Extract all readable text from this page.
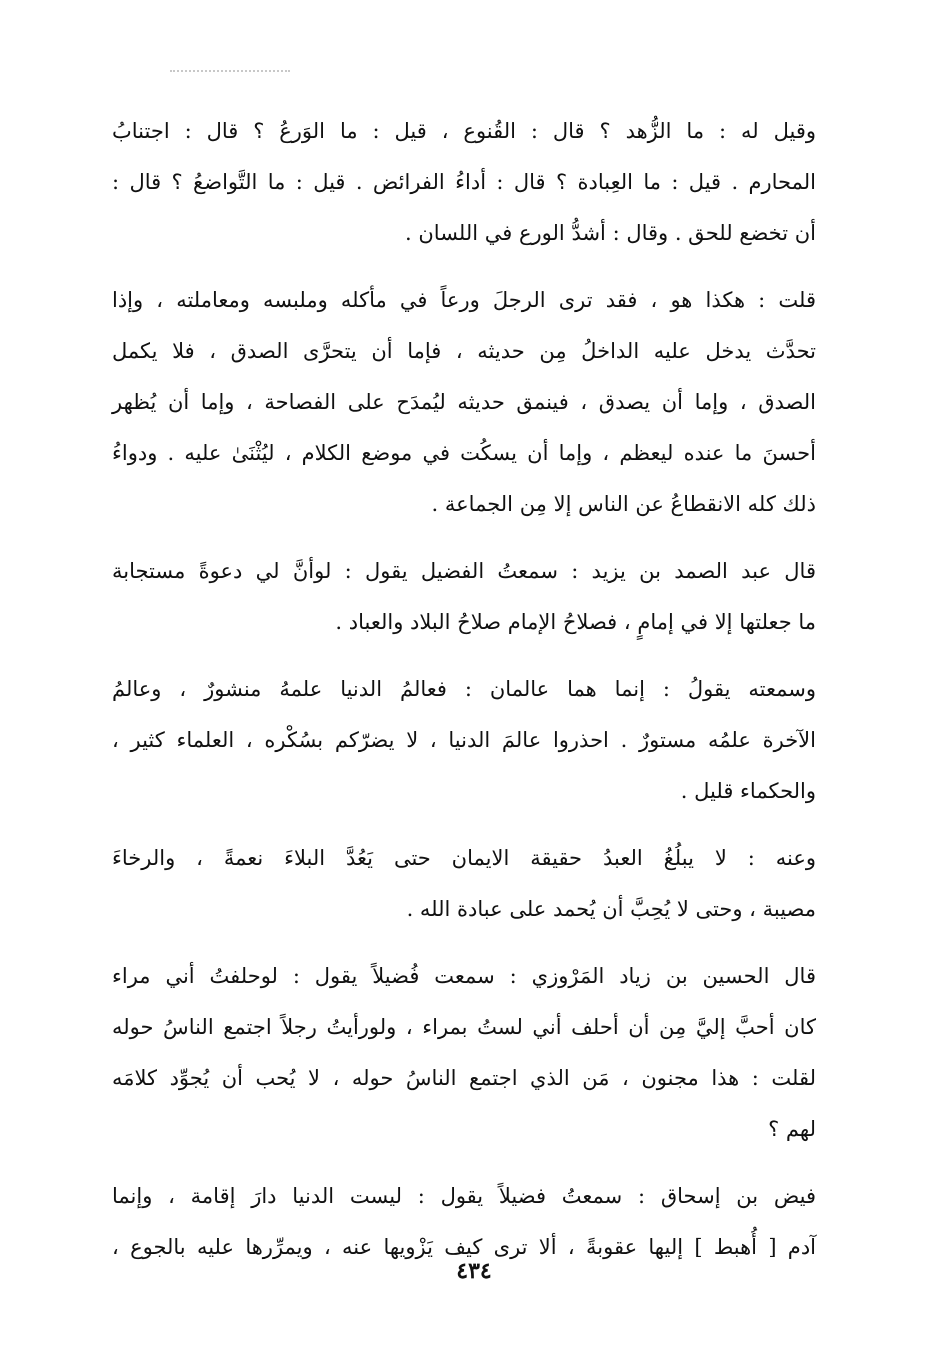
وقيل له : ما الزُّهد ؟ قال : القُنوع ، قيل : ما الوَرعُ ؟ قال : اجتنابُ
المحارم . قيل : ما العِبادة ؟ قال : أداءُ الفرائض . قيل : ما التَّواضعُ ؟ قال :
أن تخضع للحق . وقال : أشدُّ الورع في اللسان .

قلت : هكذا هو ، فقد ترى الرجلَ ورعاً في مأكله وملبسه ومعاملته ، وإذا
تحدَّث يدخل عليه الداخلُ مِن حديثه ، فإما أن يتحرَّى الصدق ، فلا يكمل
الصدق ، وإما أن يصدق ، فينمق حديثه ليُمدَح على الفصاحة ، وإما أن يُظهر
أحسنَ ما عنده ليعظم ، وإما أن يسكُت في موضع الكلام ، ليُثْنَىٰ عليه . ودواءُ
ذلك كله الانقطاعُ عن الناس إلا مِن الجماعة .

قال عبد الصمد بن يزيد : سمعتُ الفضيل يقول : لوأنَّ لي دعوةً مستجابة
ما جعلتها إلا في إمامٍ ، فصلاحُ الإمام صلاحُ البلاد والعباد .

وسمعته يقولُ : إنما هما عالمان : فعالمُ الدنيا علمهُ منشورٌ ، وعالمُ
الآخرة علمُه مستورٌ . احذروا عالمَ الدنيا ، لا يضرّكم بسُكْره ، العلماء كثير ،
والحكماء قليل .

وعنه : لا يبلُغُ العبدُ حقيقة الايمان حتى يَعُدَّ البلاءَ نعمةً ، والرخاءَ
مصيبة ، وحتى لا يُحِبَّ أن يُحمد على عبادة الله .

قال الحسين بن زياد المَرْوزي : سمعت فُضيلاً يقول : لوحلفتُ أني مراء
كان أحبَّ إليَّ مِن أن أحلف أني لستُ بمراء ، ولورأيتُ رجلاً اجتمع الناسُ حوله
لقلت : هذا مجنون ، مَن الذي اجتمع الناسُ حوله ، لا يُحب أن يُجوِّد كلامَه
لهم ؟

فيض بن إسحاق : سمعتُ فضيلاً يقول : ليست الدنيا دارَ إقامة ، وإنما
آدم [ أُهبط ] إليها عقوبةً ، ألا ترى كيف يَزْويها عنه ، ويمرِّرها عليه بالجوع ،

٤٣٤
